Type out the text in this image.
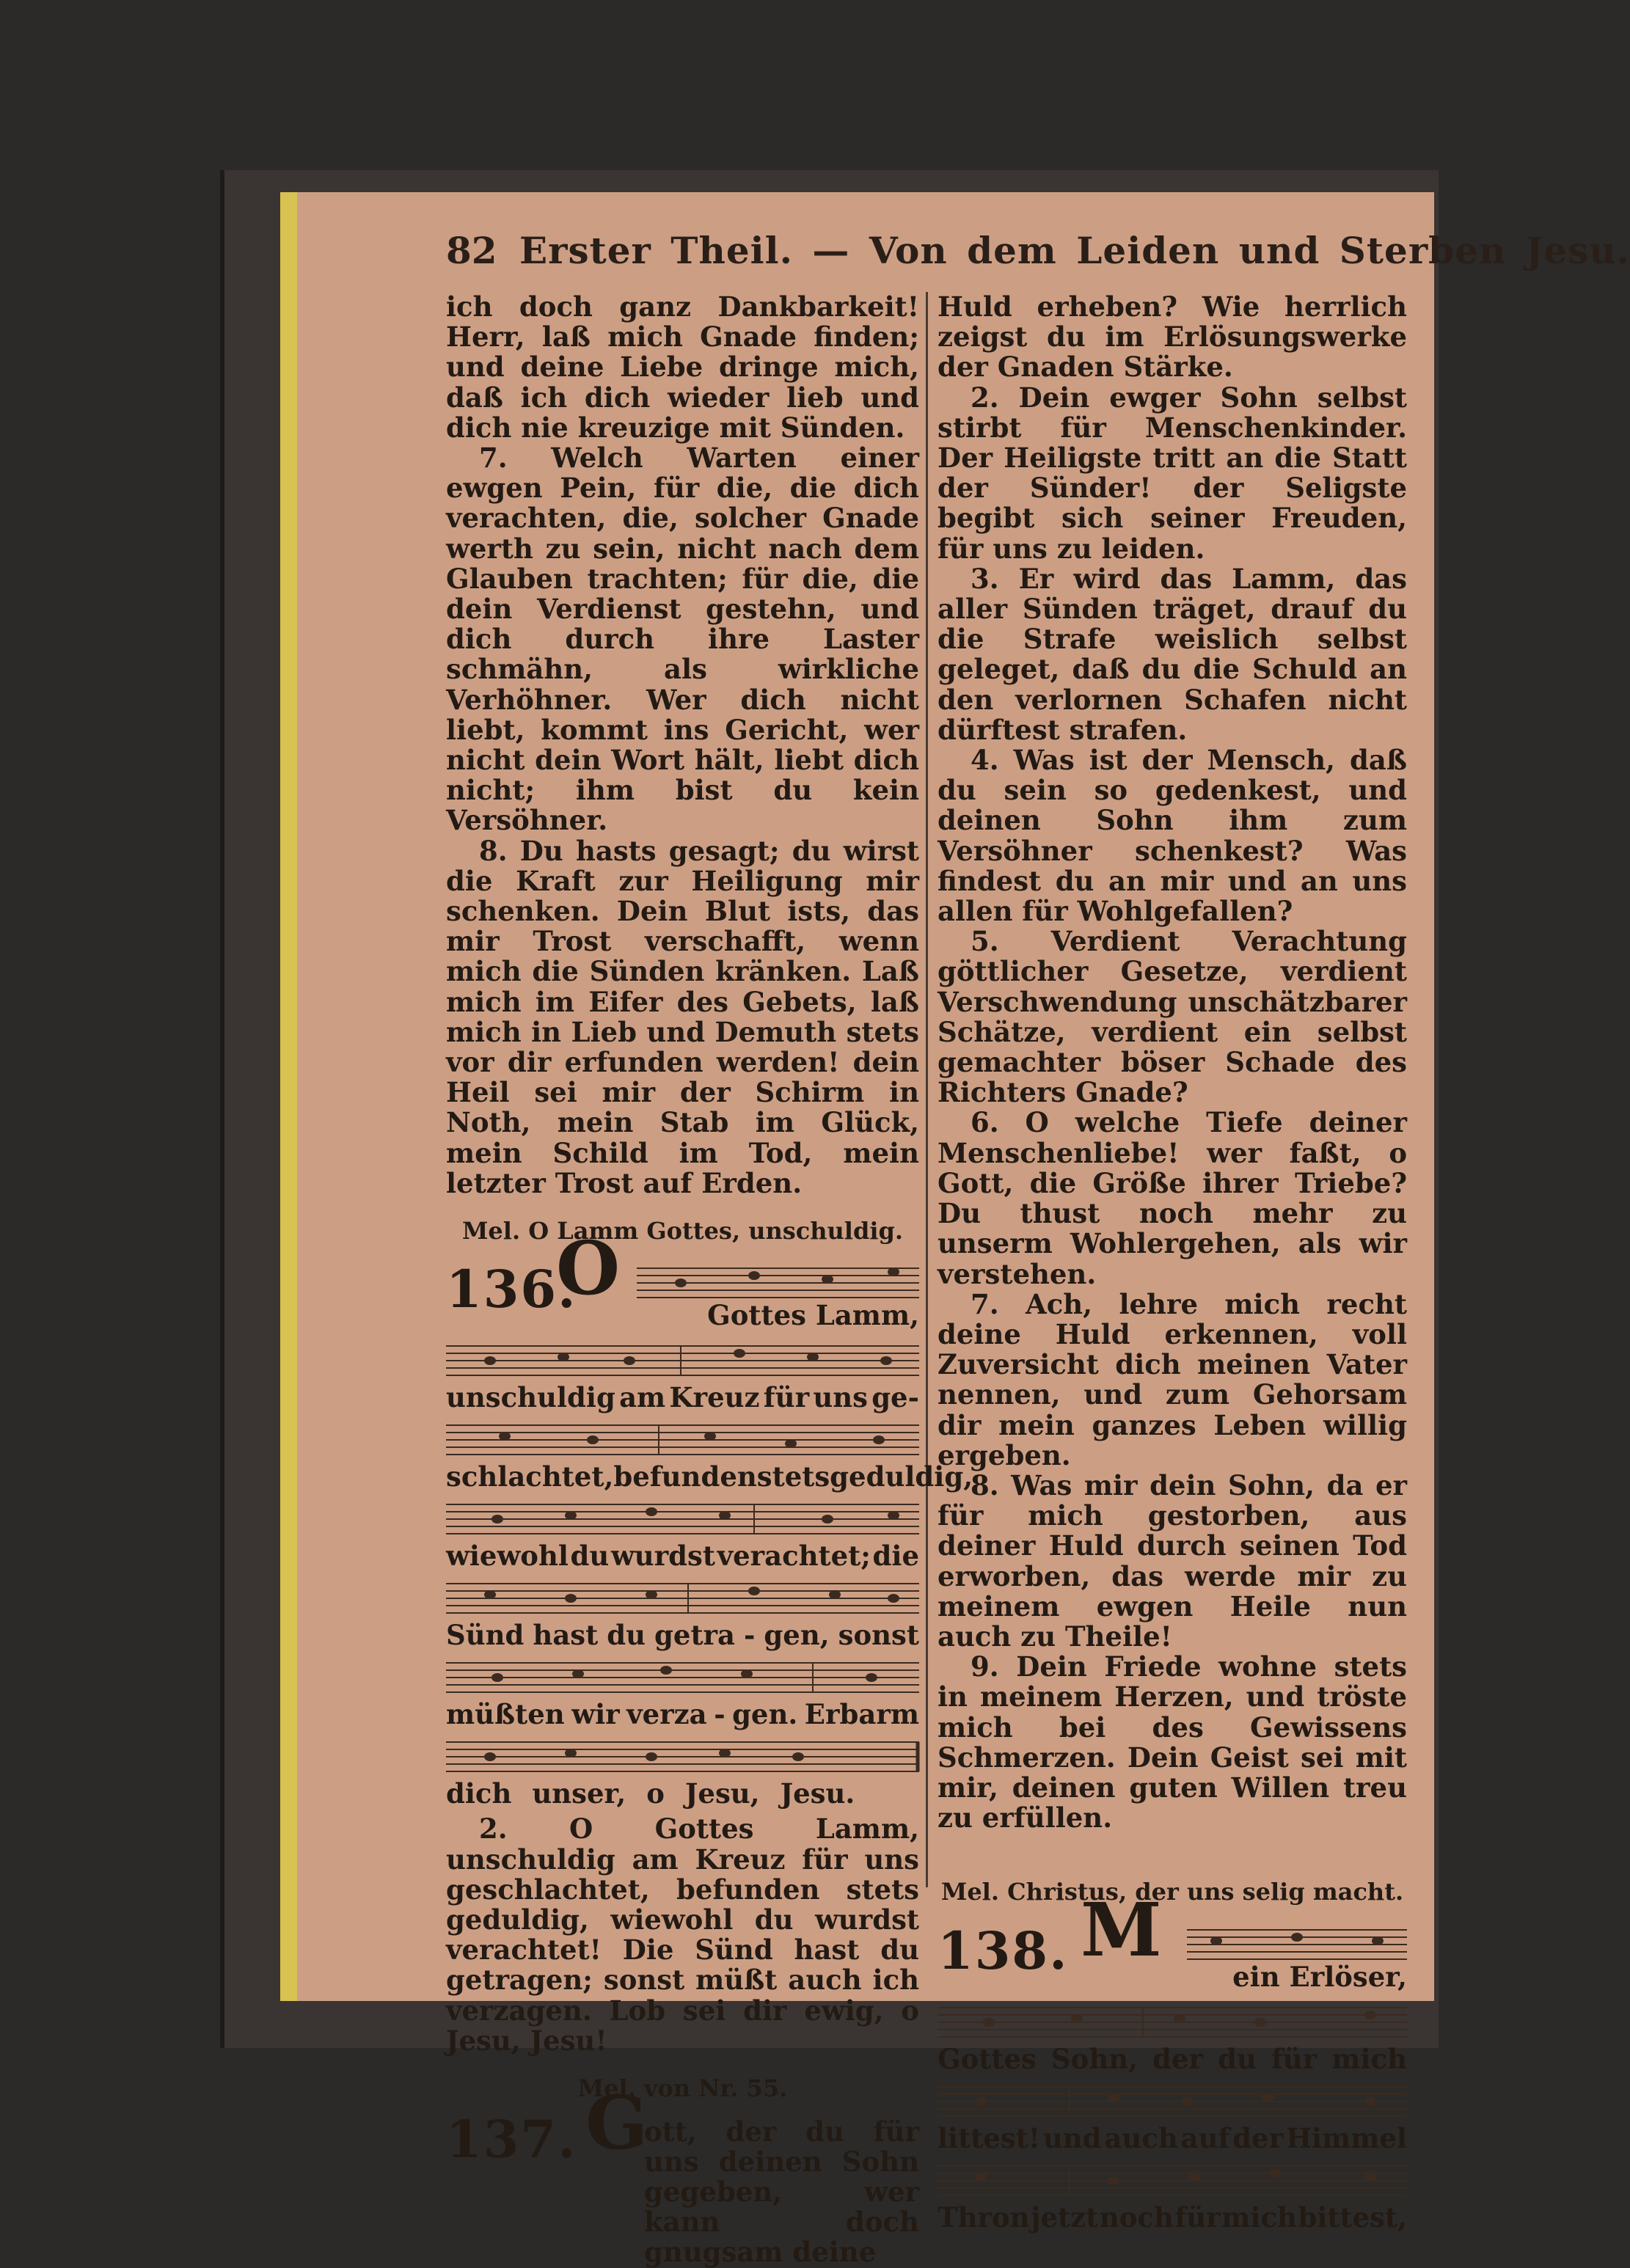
82 Erster Theil. — Von dem Leiden und Sterben Jesu.

ich doch ganz Dankbarkeit! Herr, laß mich Gnade finden; und deine Liebe dringe mich, daß ich dich wieder lieb und dich nie kreuzige mit Sünden.

7. Welch Warten einer ewgen Pein, für die, die dich verachten, die, solcher Gnade werth zu sein, nicht nach dem Glauben trachten; für die, die dein Verdienst gestehn, und dich durch ihre Laster schmähn, als wirkliche Verhöhner. Wer dich nicht liebt, kommt ins Gericht, wer nicht dein Wort hält, liebt dich nicht; ihm bist du kein Versöhner.

8. Du hasts gesagt; du wirst die Kraft zur Heiligung mir schenken. Dein Blut ists, das mir Trost verschafft, wenn mich die Sünden kränken. Laß mich im Eifer des Gebets, laß mich in Lieb und Demuth stets vor dir erfunden werden! dein Heil sei mir der Schirm in Noth, mein Stab im Glück, mein Schild im Tod, mein letzter Trost auf Erden.

Mel. O Lamm Gottes, unschuldig.
136.
O
Gottes Lamm,
unschuldig am Kreuz für uns ge-
schlachtet, befunden stets geduldig,
wiewohl du wurdst verachtet; die
Sünd hast du getra - gen, sonst
müßten wir verza - gen. Erbarm
dich unser, o Jesu, Jesu.

2. O Gottes Lamm, unschuldig am Kreuz für uns geschlachtet, befunden stets geduldig, wiewohl du wurdst verachtet! Die Sünd hast du getragen; sonst müßt auch ich verzagen. Lob sei dir ewig, o Jesu, Jesu!

Mel. von Nr. 55.
137. G
ott, der du für uns deinen Sohn gegeben, wer kann doch gnugsam deine

Huld erheben? Wie herrlich zeigst du im Erlösungswerke der Gnaden Stärke.

2. Dein ewger Sohn selbst stirbt für Menschenkinder. Der Heiligste tritt an die Statt der Sünder! der Seligste begibt sich seiner Freuden, für uns zu leiden.

3. Er wird das Lamm, das aller Sünden träget, drauf du die Strafe weislich selbst geleget, daß du die Schuld an den verlornen Schafen nicht dürftest strafen.

4. Was ist der Mensch, daß du sein so gedenkest, und deinen Sohn ihm zum Versöhner schenkest? Was findest du an mir und an uns allen für Wohlgefallen?

5. Verdient Verachtung göttlicher Gesetze, verdient Verschwendung unschätzbarer Schätze, verdient ein selbst gemachter böser Schade des Richters Gnade?

6. O welche Tiefe deiner Menschenliebe! wer faßt, o Gott, die Größe ihrer Triebe? Du thust noch mehr zu unserm Wohlergehen, als wir verstehen.

7. Ach, lehre mich recht deine Huld erkennen, voll Zuversicht dich meinen Vater nennen, und zum Gehorsam dir mein ganzes Leben willig ergeben.

8. Was mir dein Sohn, da er für mich gestorben, aus deiner Huld durch seinen Tod erworben, das werde mir zu meinem ewgen Heile nun auch zu Theile!

9. Dein Friede wohne stets in meinem Herzen, und tröste mich bei des Gewissens Schmerzen. Dein Geist sei mit mir, deinen guten Willen treu zu erfüllen.

Mel. Christus, der uns selig macht.
138. M
ein Erlöser,
Gottes Sohn, der du für mich
littest! und auch auf der Himmel
Thron jetzt noch für mich bittest,
